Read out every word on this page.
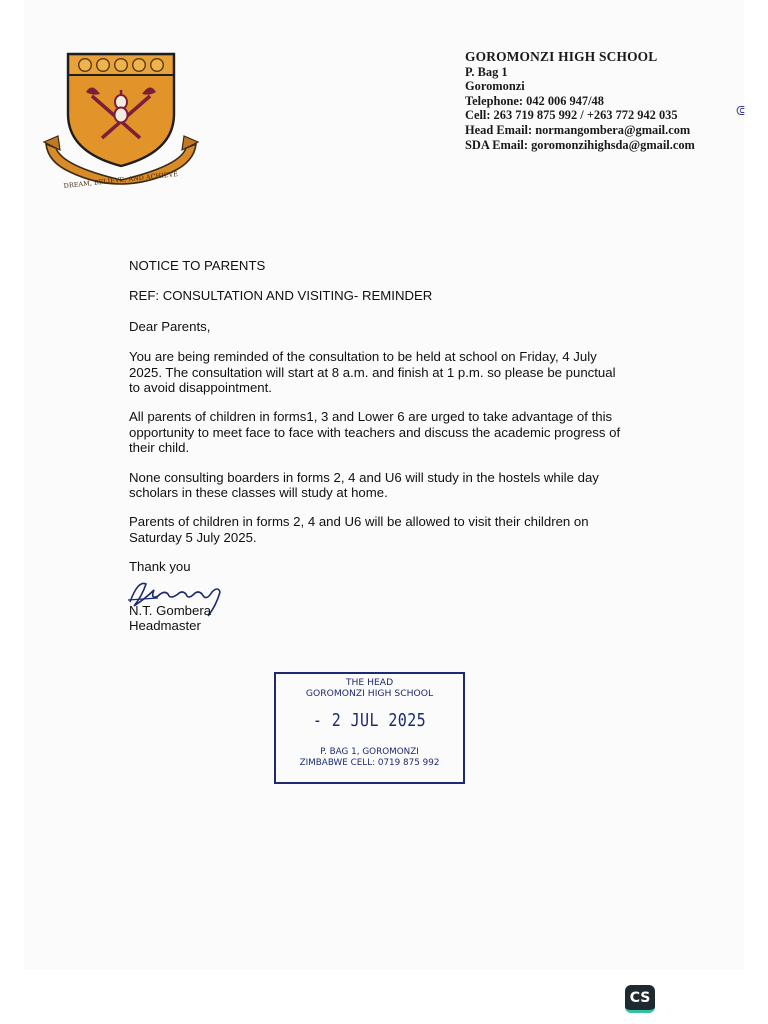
DREAM, BELIEVE, AND ACHIEVE
GOROMONZI HIGH SCHOOL
P. Bag 1
Goromonzi
Telephone: 042 006 947/48
Cell: 263 719 875 992 / +263 772 942 035
Head Email: normangombera@gmail.com
SDA Email: goromonzihighsda@gmail.com
ᕳ

NOTICE TO PARENTS

REF: CONSULTATION AND VISITING- REMINDER

Dear Parents,

You are being reminded of the consultation to be held at school on Friday, 4 July 2025. The consultation will start at 8 a.m. and finish at 1 p.m. so please be punctual to avoid disappointment.

All parents of children in forms1, 3 and Lower 6 are urged to take advantage of this opportunity to meet face to face with teachers and discuss the academic progress of their child.

None consulting boarders in forms 2, 4 and U6 will study in the hostels while day scholars in these classes will study at home.

Parents of children in forms 2, 4 and U6 will be allowed to visit their children on Saturday 5 July 2025.

Thank you

N.T. Gombera
Headmaster
THE HEAD
GOROMONZI HIGH SCHOOL
- 2 JUL 2025
P. BAG 1, GOROMONZI
ZIMBABWE CELL: 0719 875 992
CS
